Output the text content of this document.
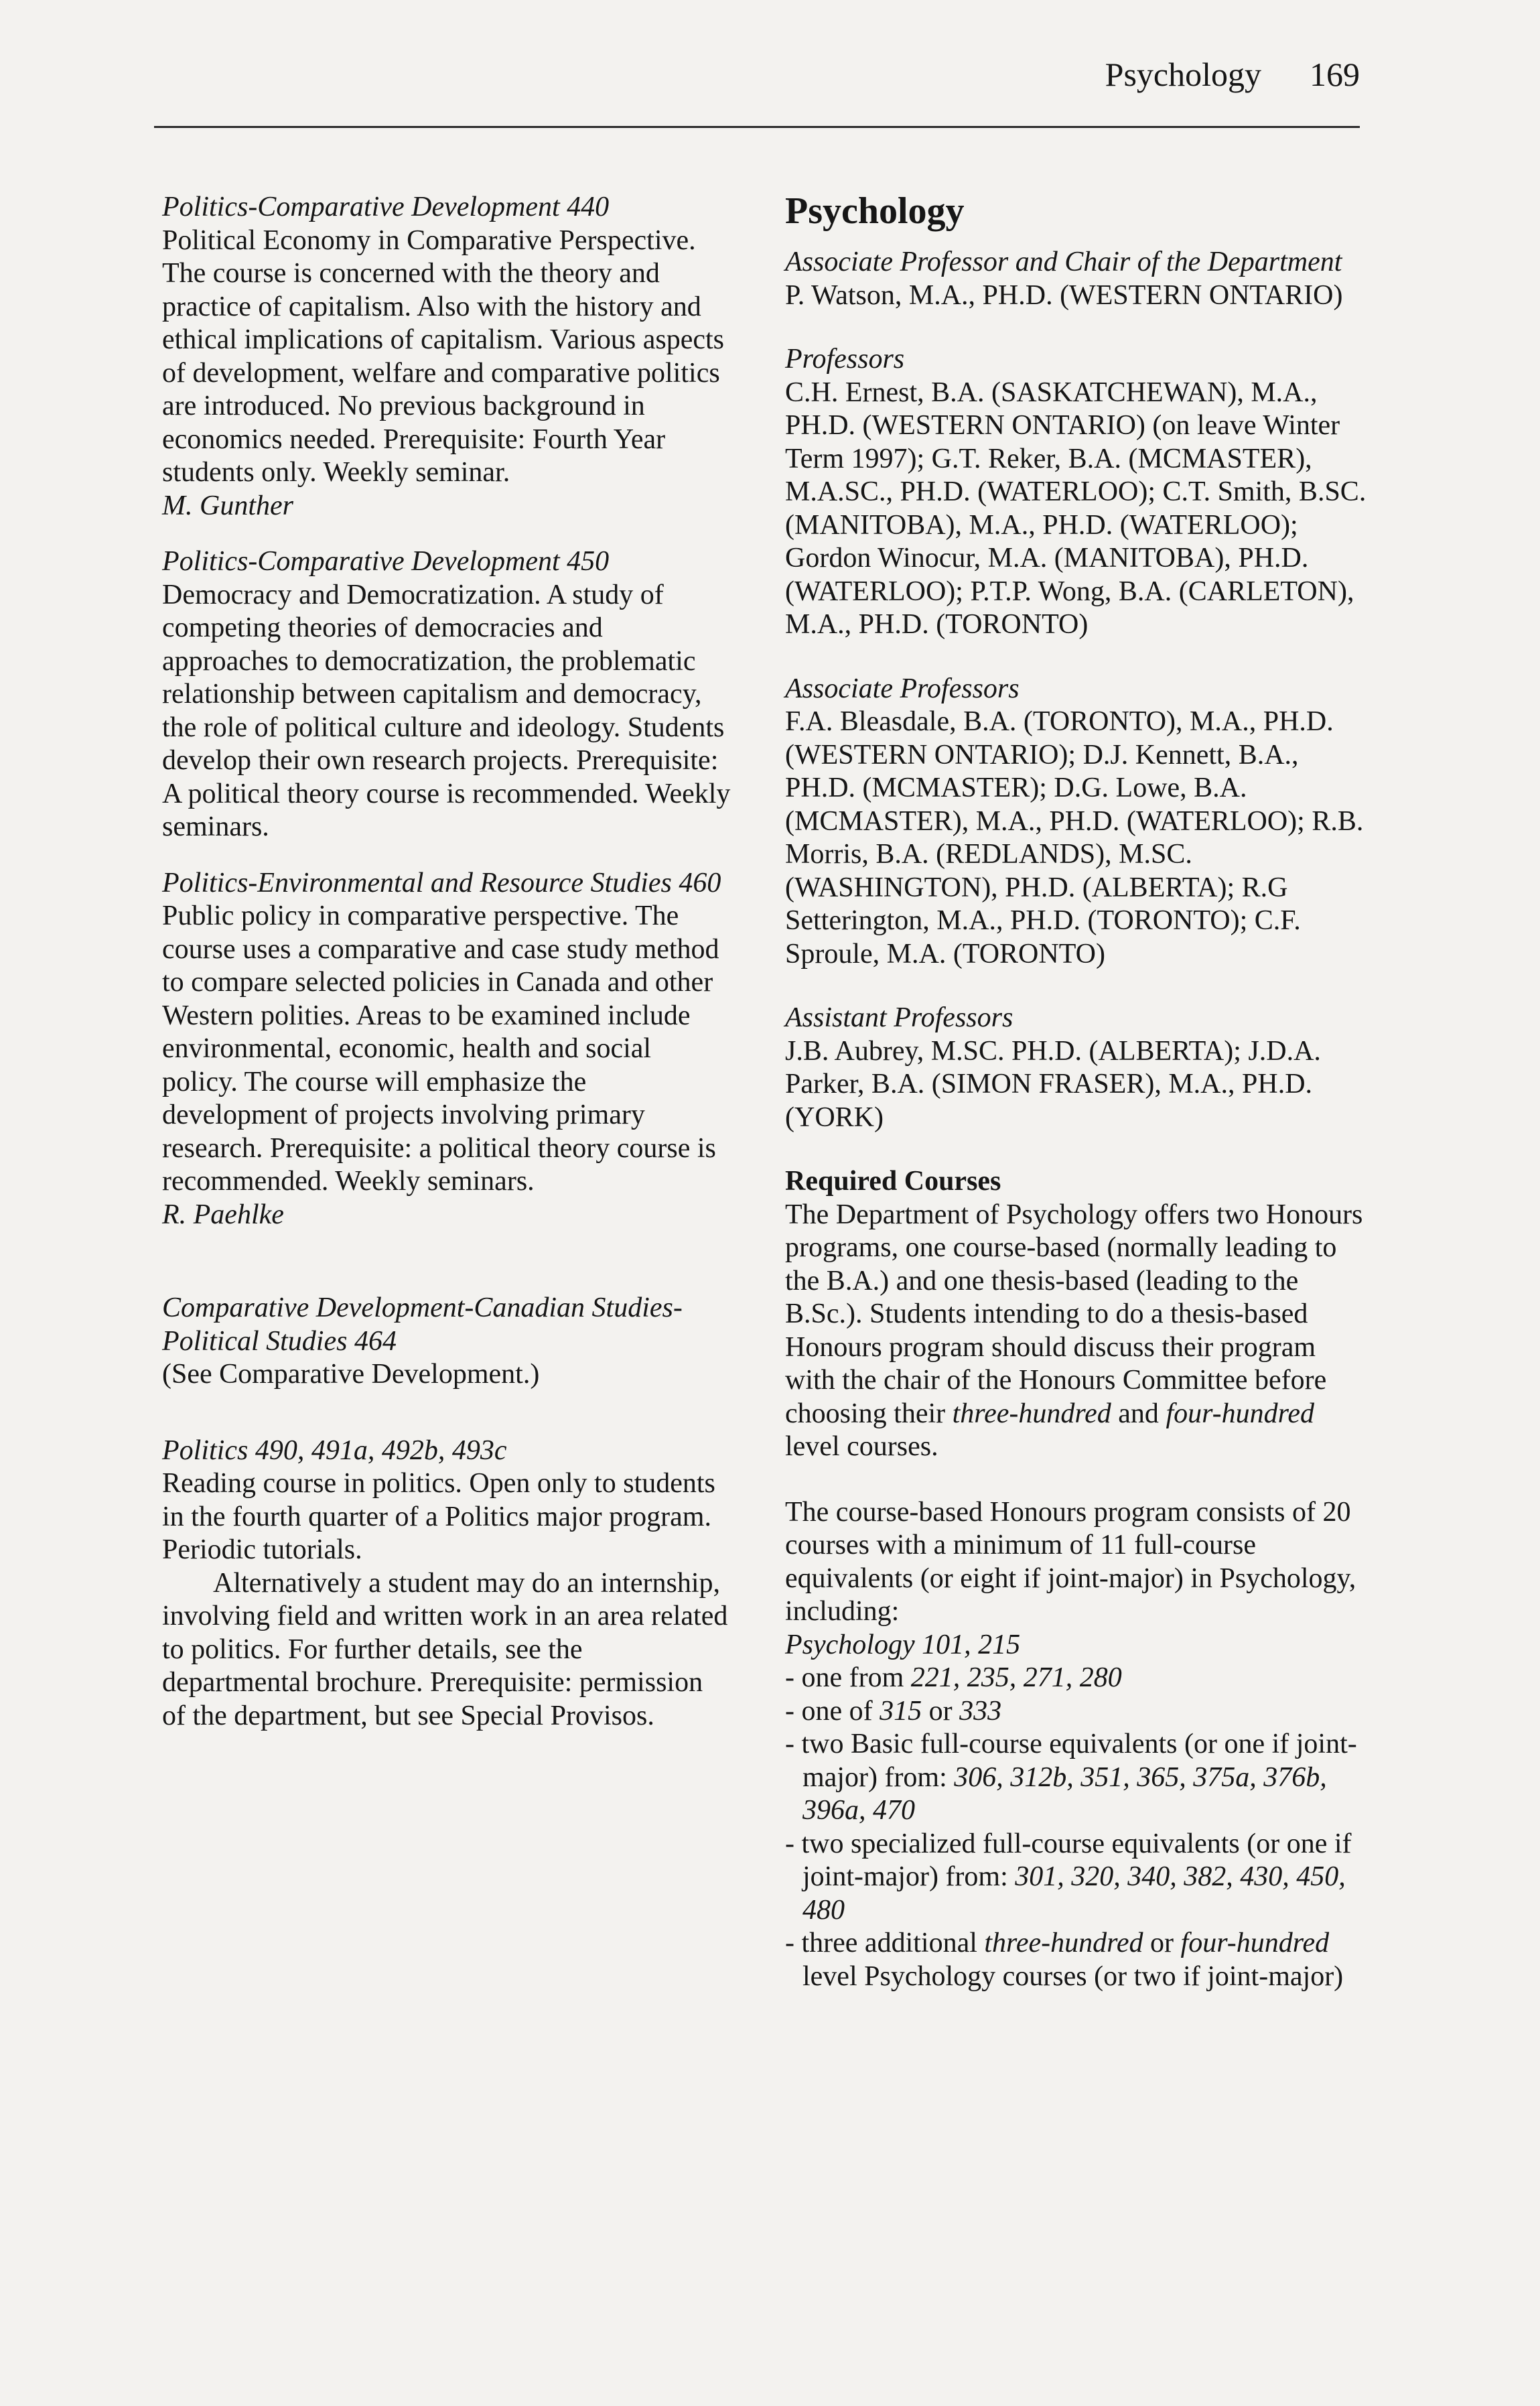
Psychology 169
Politics-Comparative Development 440

Political Economy in Comparative Perspective. The course is concerned with the theory and practice of capitalism. Also with the history and ethical implications of capitalism. Various aspects of development, welfare and comparative politics are introduced. No previous background in economics needed. Prerequisite: Fourth Year students only. Weekly seminar.

M. Gunther
Politics-Comparative Development 450

Democracy and Democratization. A study of competing theories of democracies and approaches to democratization, the problematic relationship between capitalism and democracy, the role of political culture and ideology. Students develop their own research projects. Prerequisite: A political theory course is recommended. Weekly seminars.

Politics-Environmental and Resource Studies 460

Public policy in comparative perspective. The course uses a comparative and case study method to compare selected policies in Canada and other Western polities. Areas to be examined include environmental, economic, health and social policy. The course will emphasize the development of projects involving primary research. Prerequisite: a political theory course is recommended. Weekly seminars.

R. Paehlke
Comparative Development-Canadian Studies-Political Studies 464

(See Comparative Development.)

Politics 490, 491a, 492b, 493c

Reading course in politics. Open only to students in the fourth quarter of a Politics major program. Periodic tutorials.

Alternatively a student may do an internship, involving field and written work in an area related to politics. For further details, see the departmental brochure. Prerequisite: permission of the department, but see Special Provisos.

Psychology
Associate Professor and Chair of the Department
P. Watson, M.A., PH.D. (WESTERN ONTARIO)
Professors
C.H. Ernest, B.A. (SASKATCHEWAN), M.A., PH.D. (WESTERN ONTARIO) (on leave Winter Term 1997); G.T. Reker, B.A. (MCMASTER), M.A.SC., PH.D. (WATERLOO); C.T. Smith, B.SC. (MANITOBA), M.A., PH.D. (WATERLOO); Gordon Winocur, M.A. (MANITOBA), PH.D. (WATERLOO); P.T.P. Wong, B.A. (CARLETON), M.A., PH.D. (TORONTO)
Associate Professors
F.A. Bleasdale, B.A. (TORONTO), M.A., PH.D. (WESTERN ONTARIO); D.J. Kennett, B.A., PH.D. (MCMASTER); D.G. Lowe, B.A. (MCMASTER), M.A., PH.D. (WATERLOO); R.B. Morris, B.A. (REDLANDS), M.SC. (WASHINGTON), PH.D. (ALBERTA); R.G Setterington, M.A., PH.D. (TORONTO); C.F. Sproule, M.A. (TORONTO)
Assistant Professors
J.B. Aubrey, M.SC. PH.D. (ALBERTA); J.D.A. Parker, B.A. (SIMON FRASER), M.A., PH.D. (YORK)
Required Courses

The Department of Psychology offers two Honours programs, one course-based (normally leading to the B.A.) and one thesis-based (leading to the B.Sc.). Students intending to do a thesis-based Honours program should discuss their program with the chair of the Honours Committee before choosing their three-hundred and four-hundred level courses.

The course-based Honours program consists of 20 courses with a minimum of 11 full-course equivalents (or eight if joint-major) in Psychology, including:

Psychology 101, 215
- one from 221, 235, 271, 280
- one of 315 or 333
- two Basic full-course equivalents (or one if joint-major) from: 306, 312b, 351, 365, 375a, 376b, 396a, 470
- two specialized full-course equivalents (or one if joint-major) from: 301, 320, 340, 382, 430, 450, 480
- three additional three-hundred or four-hundred level Psychology courses (or two if joint-major)
